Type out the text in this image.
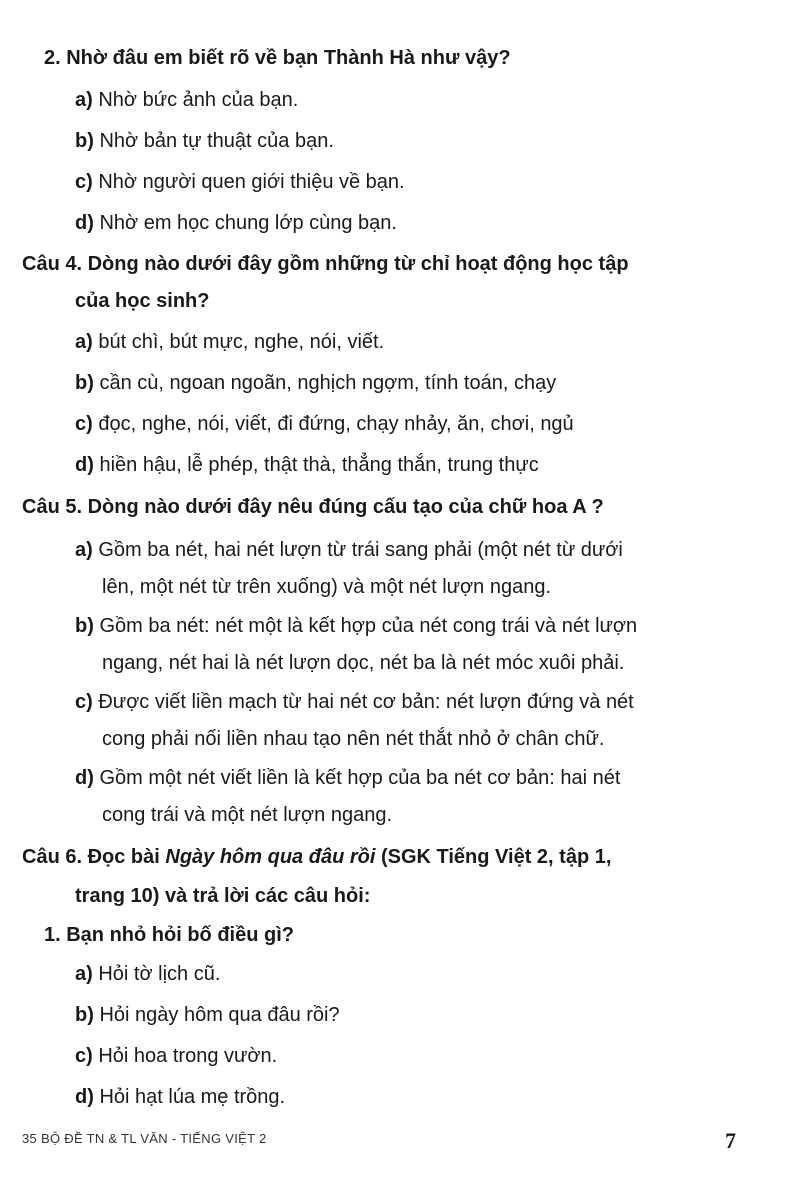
2. Nhờ đâu em biết rõ về bạn Thành Hà như vậy?
a) Nhờ bức ảnh của bạn.
b) Nhờ bản tự thuật của bạn.
c) Nhờ người quen giới thiệu về bạn.
d) Nhờ em học chung lớp cùng bạn.
Câu 4. Dòng nào dưới đây gồm những từ chỉ hoạt động học tập
của học sinh?
a) bút chì, bút mực, nghe, nói, viết.
b) cần cù, ngoan ngoãn, nghịch ngợm, tính toán, chạy
c) đọc, nghe, nói, viết, đi đứng, chạy nhảy, ăn, chơi, ngủ
d) hiền hậu, lễ phép, thật thà, thẳng thắn, trung thực
Câu 5. Dòng nào dưới đây nêu đúng cấu tạo của chữ hoa A ?
a) Gồm ba nét, hai nét lượn từ trái sang phải (một nét từ dưới
lên, một nét từ trên xuống) và một nét lượn ngang.
b) Gồm ba nét: nét một là kết hợp của nét cong trái và nét lượn
ngang, nét hai là nét lượn dọc, nét ba là nét móc xuôi phải.
c) Được viết liền mạch từ hai nét cơ bản: nét lượn đứng và nét
cong phải nối liền nhau tạo nên nét thắt nhỏ ở chân chữ.
d) Gồm một nét viết liền là kết hợp của ba nét cơ bản: hai nét
cong trái và một nét lượn ngang.
Câu 6. Đọc bài Ngày hôm qua đâu rồi (SGK Tiếng Việt 2, tập 1,
trang 10) và trả lời các câu hỏi:
1. Bạn nhỏ hỏi bố điều gì?
a) Hỏi tờ lịch cũ.
b) Hỏi ngày hôm qua đâu rồi?
c) Hỏi hoa trong vườn.
d) Hỏi hạt lúa mẹ trồng.
35 BỘ ĐỀ TN & TL VĂN - TIẾNG VIỆT 2	7
